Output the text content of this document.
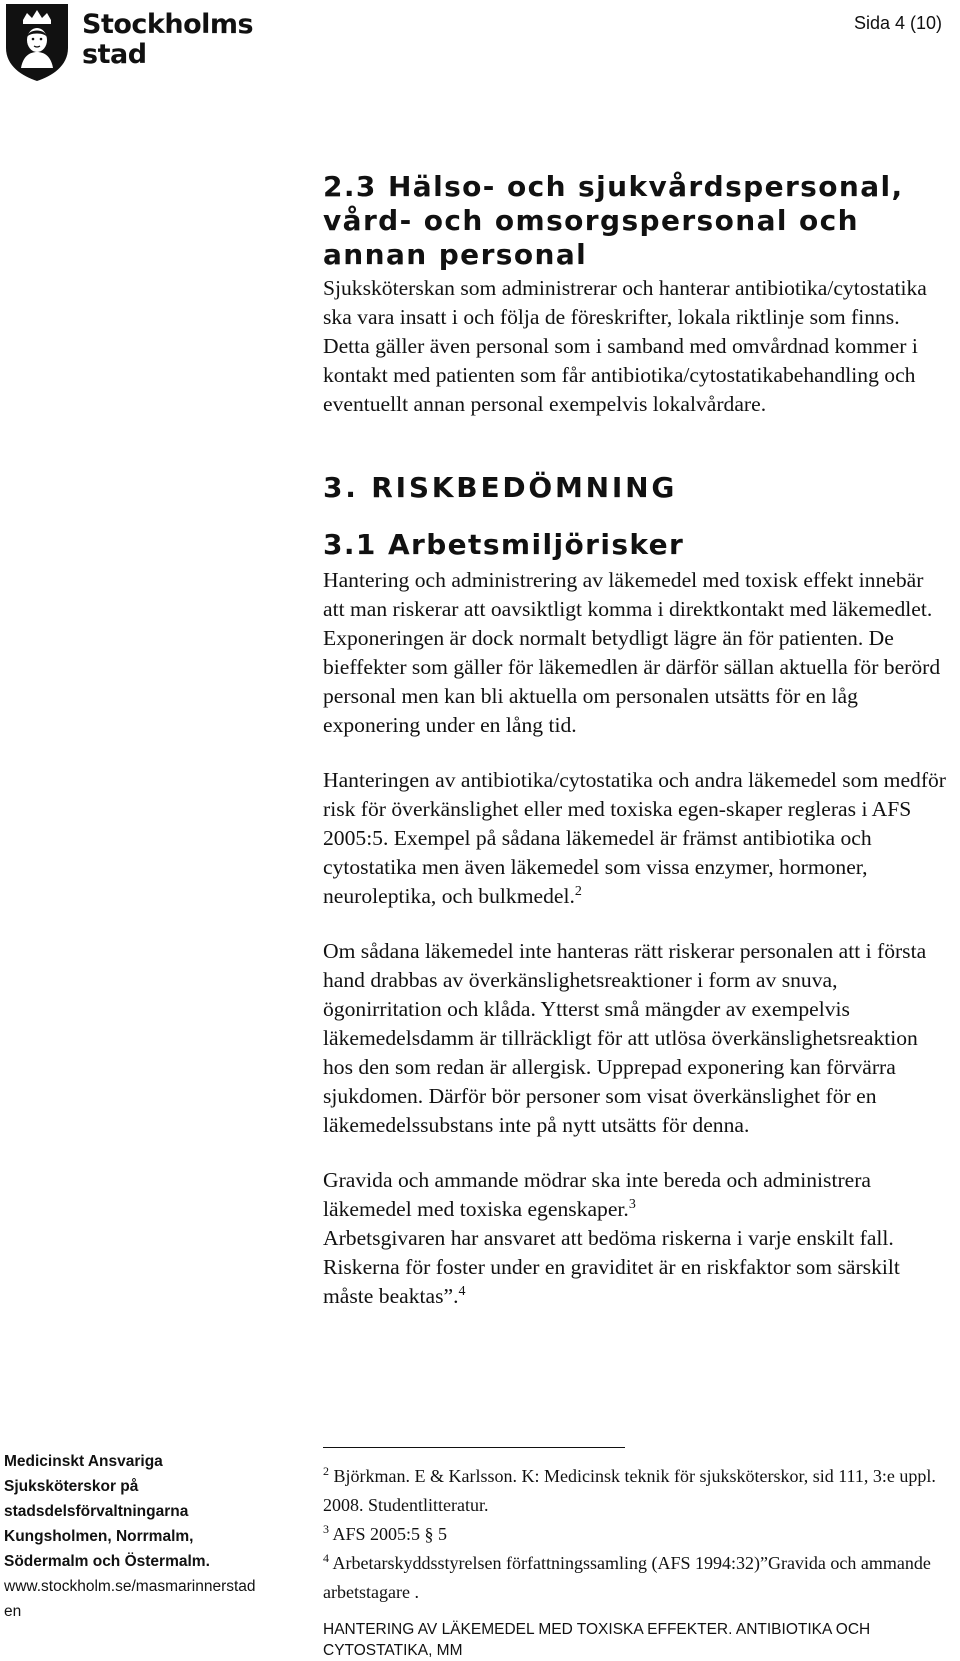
Stockholms
stad
Sida 4 (10)
2.3 Hälso- och sjukvårdspersonal, vård- och omsorgspersonal och annan personal

Sjuksköterskan som administrerar och hanterar antibiotika/cytostatika ska vara insatt i och följa de föreskrifter, lokala riktlinje som finns. Detta gäller även personal som i samband med omvårdnad kommer i kontakt med patienten som får antibiotika/cytostatikabehandling och eventuellt annan personal exempelvis lokalvårdare.

3. RISKBEDÖMNING
3.1 Arbetsmiljörisker

Hantering och administrering av läkemedel med toxisk effekt innebär att man riskerar att oavsiktligt komma i direktkontakt med läkemedlet. Exponeringen är dock normalt betydligt lägre än för patienten. De bieffekter som gäller för läkemedlen är därför sällan aktuella för berörd personal men kan bli aktuella om personalen utsätts för en låg exponering under en lång tid.

Hanteringen av antibiotika/cytostatika och andra läkemedel som medför risk för överkänslighet eller med toxiska egen-skaper regleras i AFS 2005:5. Exempel på sådana läkemedel är främst antibiotika och cytostatika men även läkemedel som vissa enzymer, hormoner, neuroleptika, och bulkmedel.$^2$

Om sådana läkemedel inte hanteras rätt riskerar personalen att i första hand drabbas av överkänslighetsreaktioner i form av snuva, ögonirritation och klåda. Ytterst små mängder av exempelvis läkemedelsdamm är tillräckligt för att utlösa överkänslighetsreaktion hos den som redan är allergisk. Upprepad exponering kan förvärra sjukdomen. Därför bör personer som visat överkänslighet för en läkemedelssubstans inte på nytt utsätts för denna.

Gravida och ammande mödrar ska inte bereda och administrera läkemedel med toxiska egenskaper.$^3$
Arbetsgivaren har ansvaret att bedöma riskerna i varje enskilt fall. Riskerna för foster under en graviditet är en riskfaktor som särskilt måste beaktas”.$^4$

Medicinskt Ansvariga Sjuksköterskor på stadsdelsförvaltningarna Kungsholmen, Norrmalm, Södermalm och Östermalm.
www.stockholm.se/masmarinnerstaden

$^2$ Björkman. E & Karlsson. K: Medicinsk teknik för sjuksköterskor, sid 111, 3:e uppl. 2008. Studentlitteratur.

$^3$ AFS 2005:5 § 5

$^4$ Arbetarskyddsstyrelsen författningssamling (AFS 1994:32)”Gravida och ammande arbetstagare .

HANTERING AV LÄKEMEDEL MED TOXISKA EFFEKTER. ANTIBIOTIKA OCH CYTOSTATIKA, MM
